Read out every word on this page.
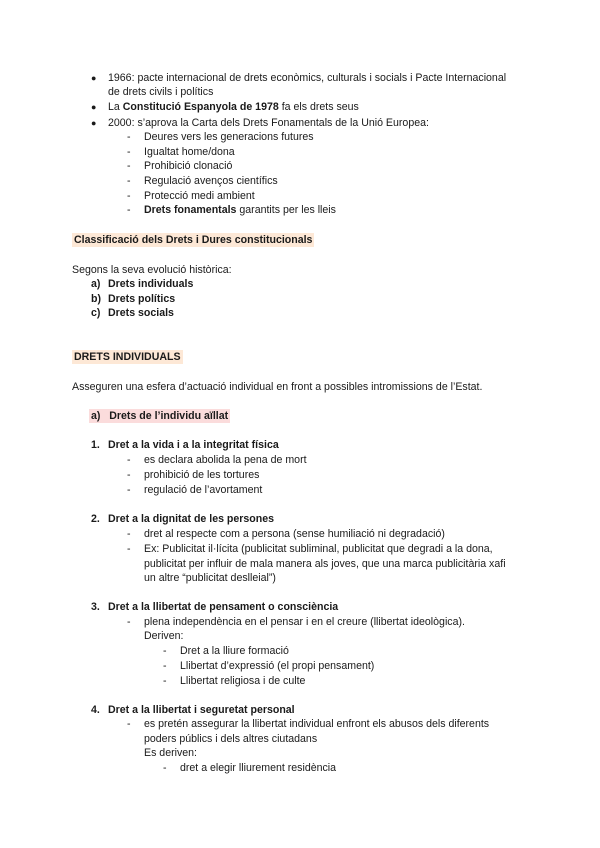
● 1966: pacte internacional de drets econòmics, culturals i socials i Pacte Internacional
de drets civils i polítics
● La Constitució Espanyola de 1978 fa els drets seus
● 2000: s’aprova la Carta dels Drets Fonamentals de la Unió Europea:
- Deures vers les generacions futures
- Igualtat home/dona
- Prohibició clonació
- Regulació avenços científics
- Protecció medi ambient
- Drets fonamentals garantits per les lleis
Classificació dels Drets i Dures constitucionals
Segons la seva evolució històrica:
a) Drets individuals
b) Drets polítics
c) Drets socials
DRETS INDIVIDUALS
Asseguren una esfera d’actuació individual en front a possibles intromissions de l’Estat.
a)   Drets de l’individu aïllat
1. Dret a la vida i a la integritat física
- es declara abolida la pena de mort
- prohibició de les tortures
- regulació de l’avortament
2. Dret a la dignitat de les persones
- dret al respecte com a persona (sense humiliació ni degradació)
- Ex: Publicitat il·lícita (publicitat subliminal, publicitat que degradi a la dona,
publicitat per influir de mala manera als joves, que una marca publicitària xafi
un altre “publicitat deslleial”)
3. Dret a la llibertat de pensament o consciència
- plena independència en el pensar i en el creure (llibertat ideològica).
Deriven:
- Dret a la lliure formació
- Llibertat d’expressió (el propi pensament)
- Llibertat religiosa i de culte
4. Dret a la llibertat i seguretat personal
- es pretén assegurar la llibertat individual enfront els abusos dels diferents
poders públics i dels altres ciutadans
Es deriven:
- dret a elegir lliurement residència
